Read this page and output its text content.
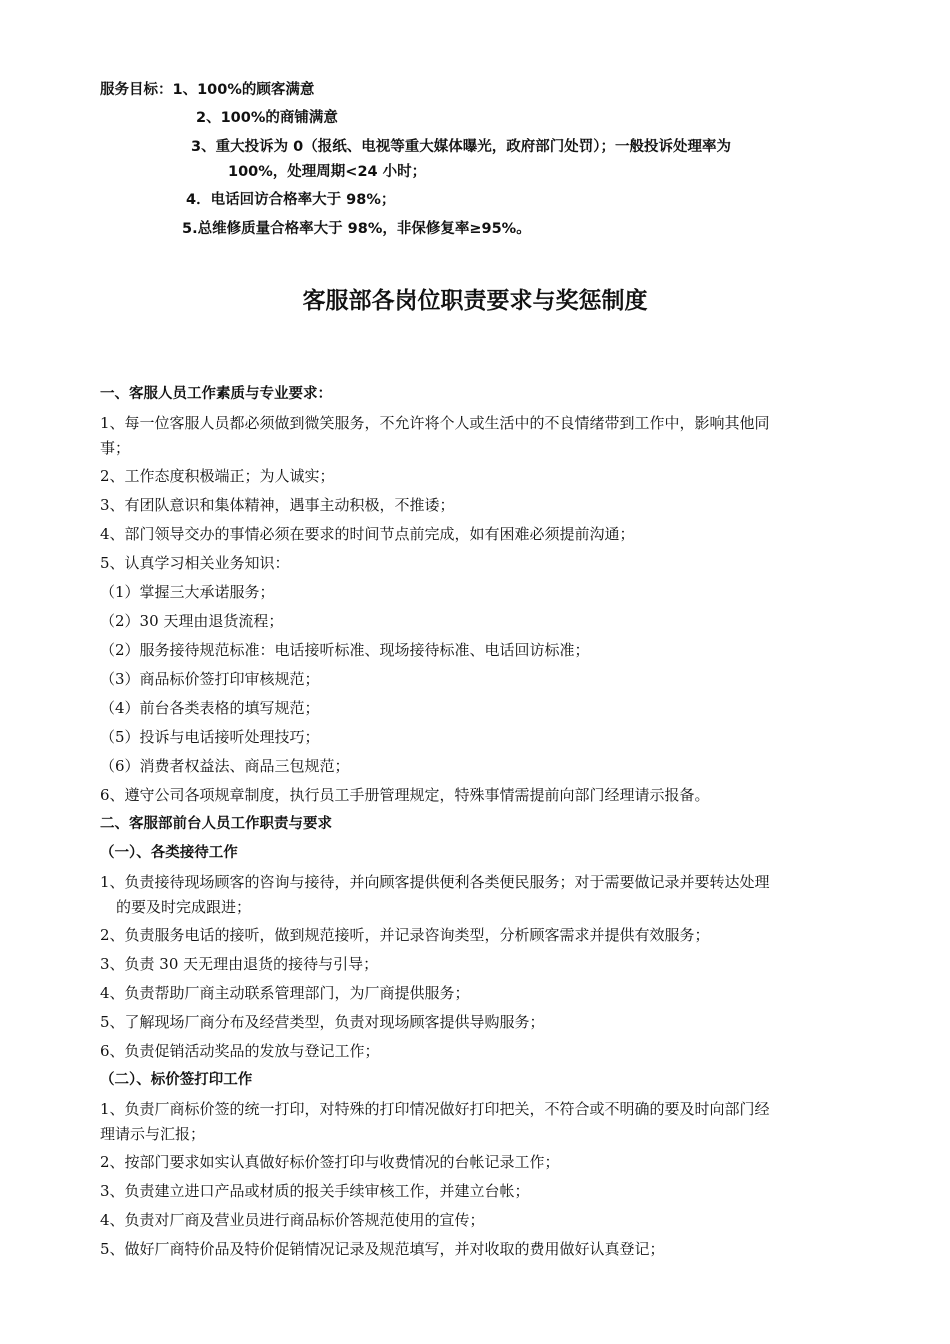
服务目标：1、100%的顾客满意
2、100%的商铺满意
3、重大投诉为 0（报纸、电视等重大媒体曝光，政府部门处罚）；一般投诉处理率为
100%，处理周期<24 小时；
4．电话回访合格率大于 98%；
5.总维修质量合格率大于 98%，非保修复率≥95%。
客服部各岗位职责要求与奖惩制度
一、客服人员工作素质与专业要求：
1、每一位客服人员都必须做到微笑服务，不允许将个人或生活中的不良情绪带到工作中，影响其他同
事；
2、工作态度积极端正；为人诚实；
3、有团队意识和集体精神，遇事主动积极，不推诿；
4、部门领导交办的事情必须在要求的时间节点前完成，如有困难必须提前沟通；
5、认真学习相关业务知识：
（1）掌握三大承诺服务；
（2）30 天理由退货流程；
（2）服务接待规范标准：电话接听标准、现场接待标准、电话回访标准；
（3）商品标价签打印审核规范；
（4）前台各类表格的填写规范；
（5）投诉与电话接听处理技巧；
（6）消费者权益法、商品三包规范；
6、遵守公司各项规章制度，执行员工手册管理规定，特殊事情需提前向部门经理请示报备。
二、客服部前台人员工作职责与要求
（一）、各类接待工作
1、负责接待现场顾客的咨询与接待，并向顾客提供便利各类便民服务；对于需要做记录并要转达处理
的要及时完成跟进；
2、负责服务电话的接听，做到规范接听，并记录咨询类型，分析顾客需求并提供有效服务；
3、负责 30 天无理由退货的接待与引导；
4、负责帮助厂商主动联系管理部门，为厂商提供服务；
5、了解现场厂商分布及经营类型，负责对现场顾客提供导购服务；
6、负责促销活动奖品的发放与登记工作；
（二）、标价签打印工作
1、负责厂商标价签的统一打印，对特殊的打印情况做好打印把关，不符合或不明确的要及时向部门经
理请示与汇报；
2、按部门要求如实认真做好标价签打印与收费情况的台帐记录工作；
3、负责建立进口产品或材质的报关手续审核工作，并建立台帐；
4、负责对厂商及营业员进行商品标价答规范使用的宣传；
5、做好厂商特价品及特价促销情况记录及规范填写，并对收取的费用做好认真登记；
